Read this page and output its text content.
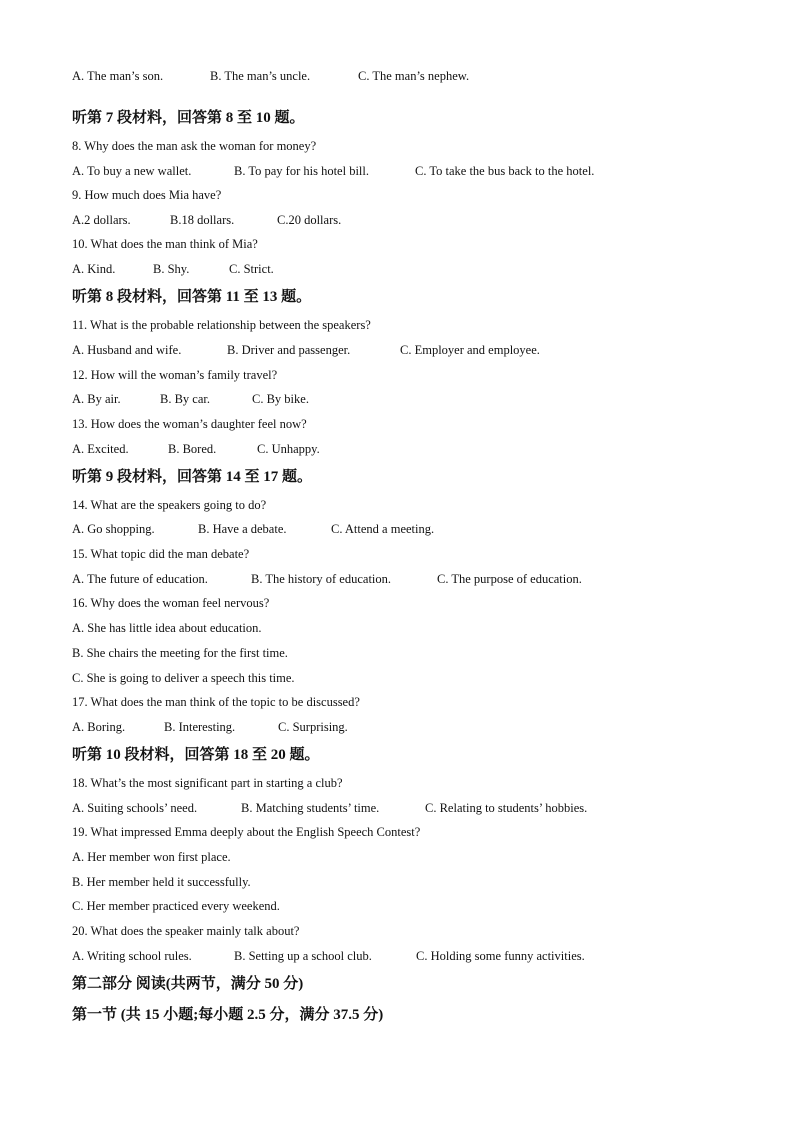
A. The man’s son.	B. The man’s uncle.	C. The man’s nephew.
听第 7 段材料，回答第 8 至 10 题。
8. Why does the man ask the woman for money?
A. To buy a new wallet.	B. To pay for his hotel bill.	C. To take the bus back to the hotel.
9. How much does Mia have?
A.2 dollars.	B.18 dollars.	C.20 dollars.
10. What does the man think of Mia?
A. Kind.	B. Shy.	C. Strict.
听第 8 段材料，回答第 11 至 13 题。
11. What is the probable relationship between the speakers?
A. Husband and wife.	B. Driver and passenger.	C. Employer and employee.
12. How will the woman’s family travel?
A. By air.	B. By car.	C. By bike.
13. How does the woman’s daughter feel now?
A. Excited.	B. Bored.	C. Unhappy.
听第 9 段材料，回答第 14 至 17 题。
14. What are the speakers going to do?
A. Go shopping.	B. Have a debate.	C. Attend a meeting.
15. What topic did the man debate?
A. The future of education.	B. The history of education.	C. The purpose of education.
16. Why does the woman feel nervous?
A. She has little idea about education.
B. She chairs the meeting for the first time.
C. She is going to deliver a speech this time.
17. What does the man think of the topic to be discussed?
A. Boring.	B. Interesting.	C. Surprising.
听第 10 段材料，回答第 18 至 20 题。
18. What’s the most significant part in starting a club?
A. Suiting schools’ need.	B. Matching students’ time.	C. Relating to students’ hobbies.
19. What impressed Emma deeply about the English Speech Contest?
A. Her member won first place.
B. Her member held it successfully.
C. Her member practiced every weekend.
20. What does the speaker mainly talk about?
A. Writing school rules.	B. Setting up a school club.	C. Holding some funny activities.
第二部分 阅读(共两节，满分 50 分)
第一节 (共 15 小题;每小题 2.5 分，满分 37.5 分)
